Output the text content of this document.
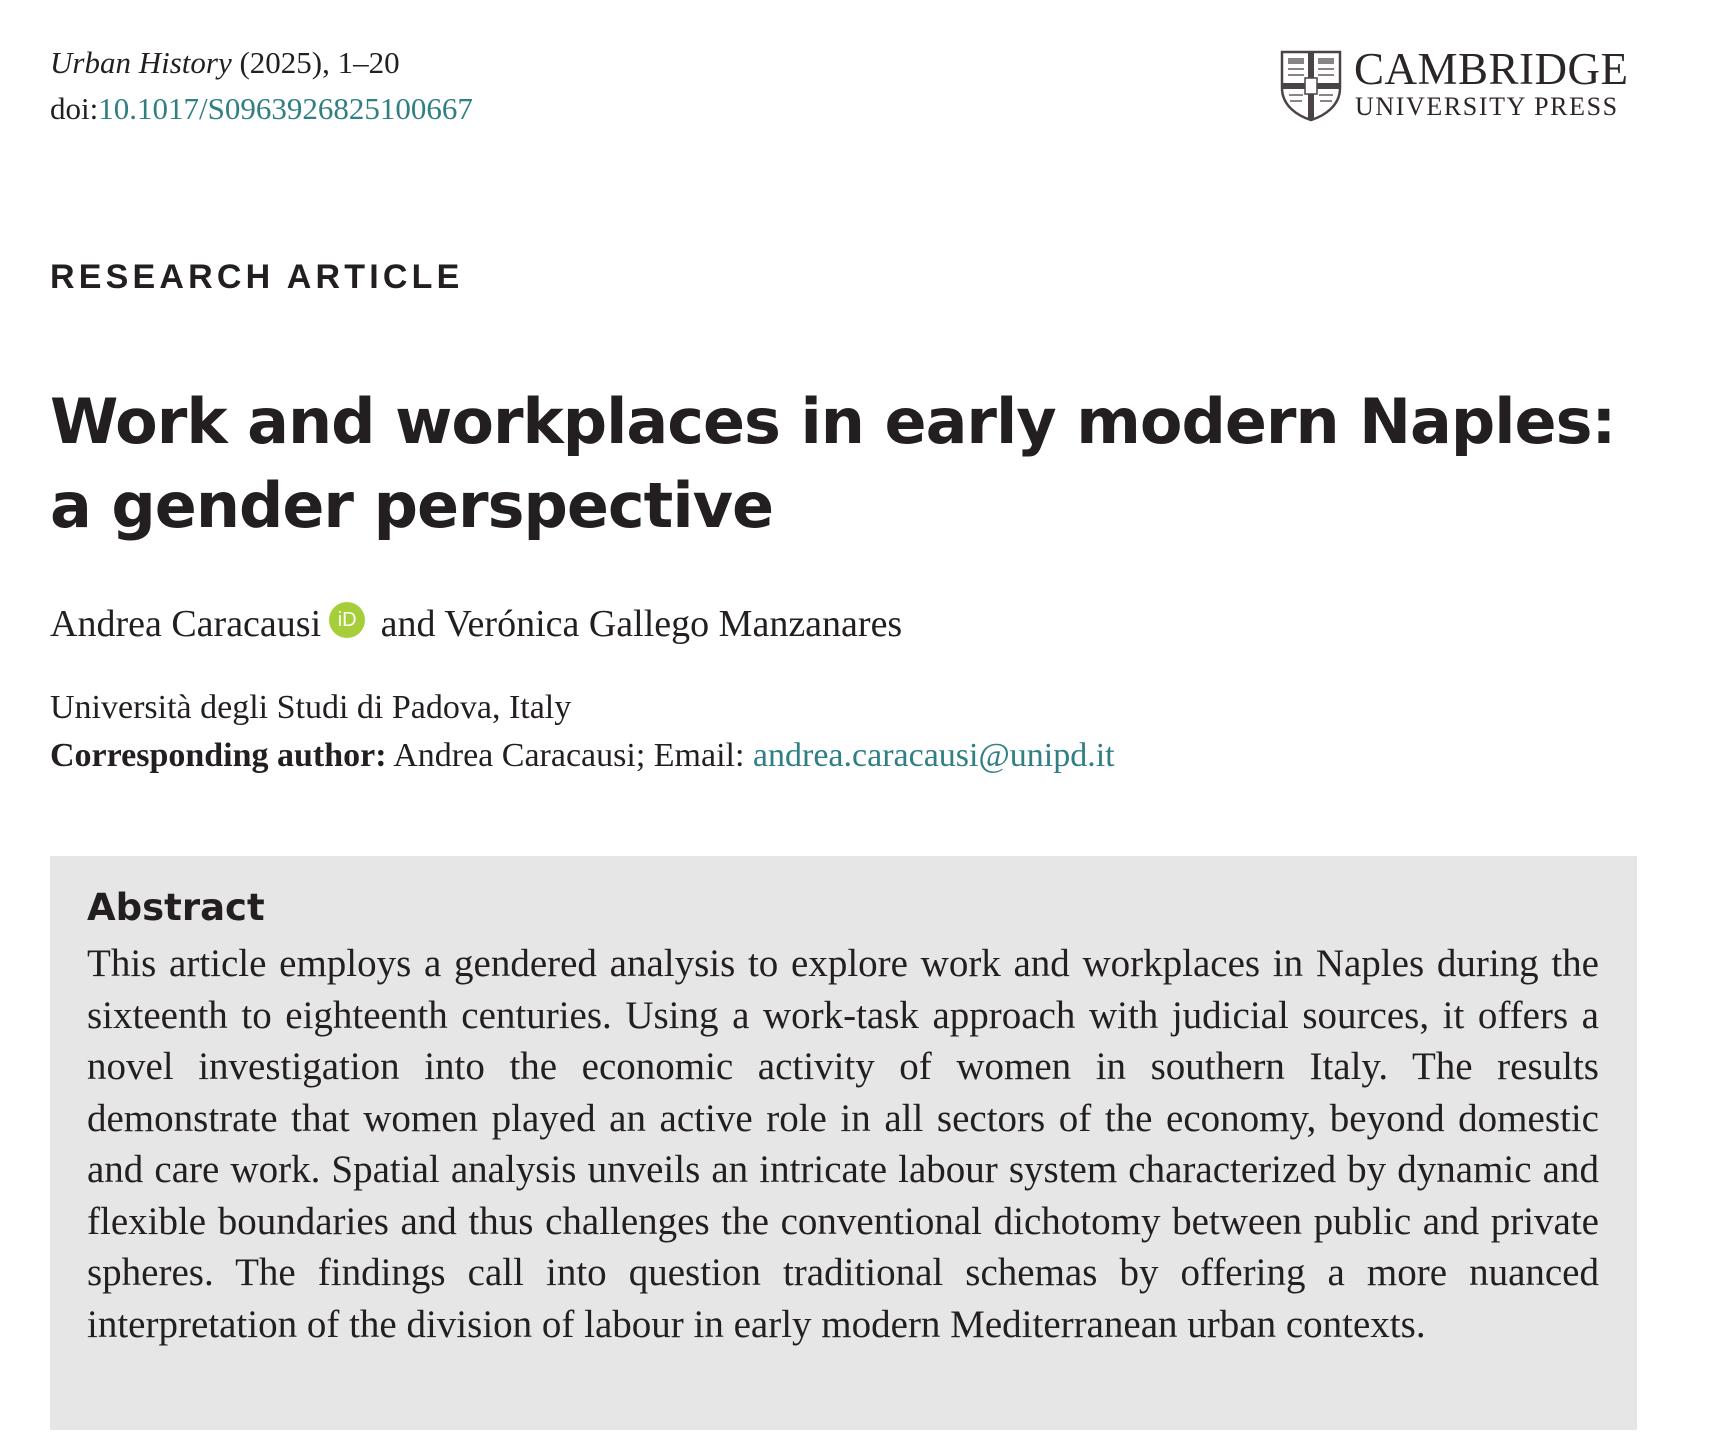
Urban History (2025), 1–20
doi:10.1017/S0963926825100667
CAMBRIDGE
UNIVERSITY PRESS
RESEARCH ARTICLE
Work and workplaces in early modern Naples: a gender perspective
Andrea Caracausi iD and Verónica Gallego Manzanares
Università degli Studi di Padova, Italy
Corresponding author: Andrea Caracausi; Email: andrea.caracausi@unipd.it
Abstract

This article employs a gendered analysis to explore work and workplaces in Naples during the sixteenth to eighteenth centuries. Using a work-task approach with judicial sources, it offers a novel investigation into the economic activity of women in southern Italy. The results demonstrate that women played an active role in all sectors of the economy, beyond domestic and care work. Spatial analysis unveils an intricate labour system characterized by dynamic and flexible boundaries and thus challenges the conventional dichotomy between public and private spheres. The findings call into question traditional schemas by offering a more nuanced interpretation of the division of labour in early modern Mediterranean urban contexts.
